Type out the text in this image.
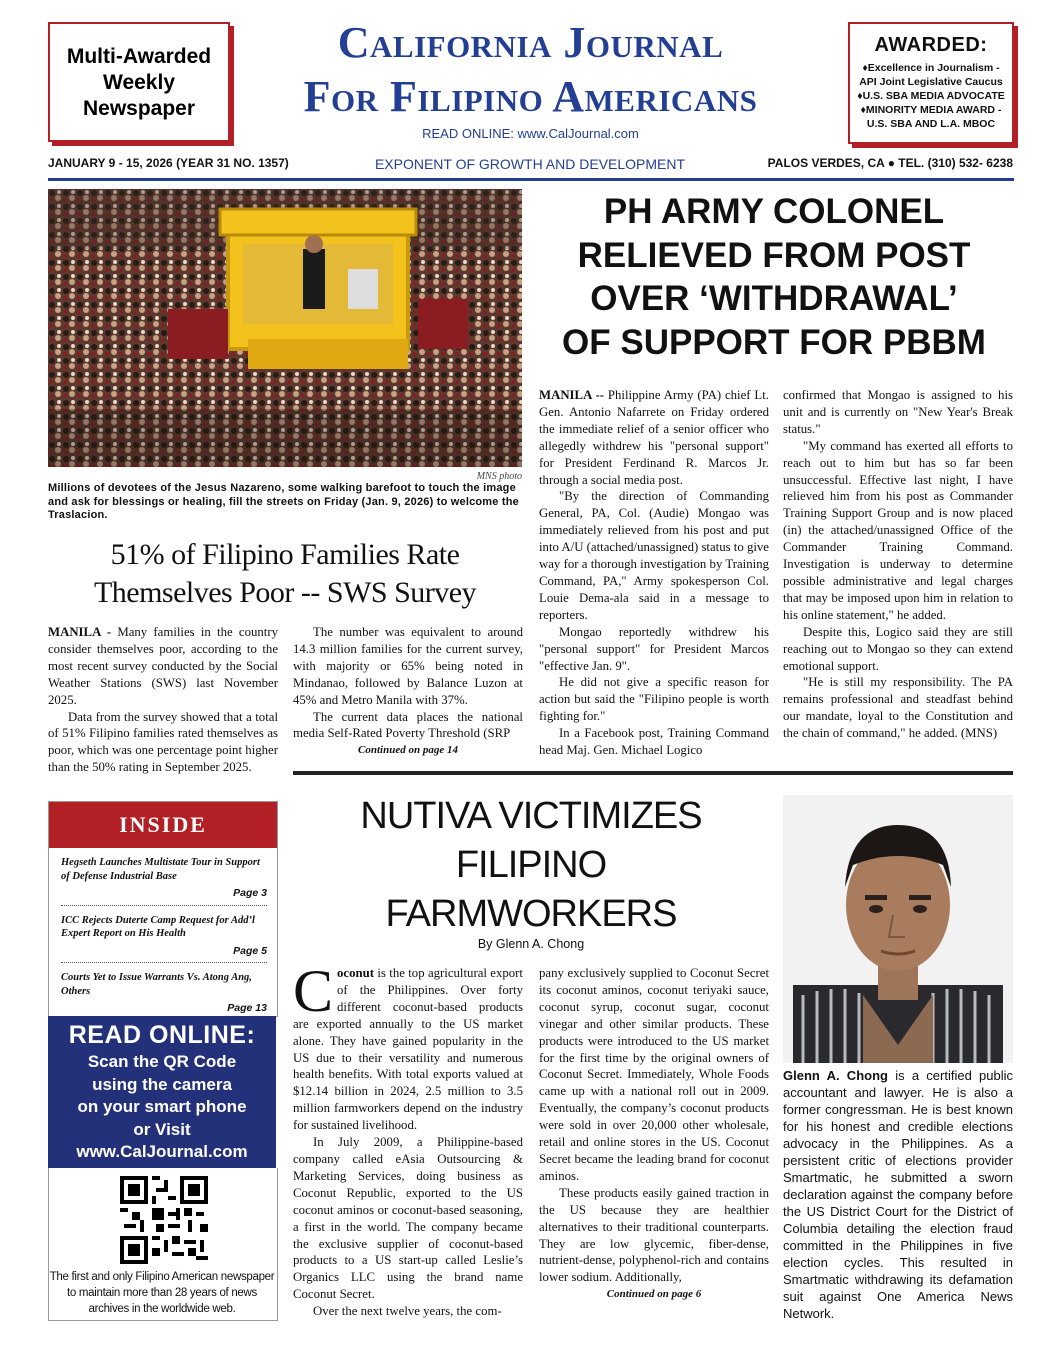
Multi-Awarded
Weekly
Newspaper
California Journal
For Filipino Americans
READ ONLINE: www.CalJournal.com
AWARDED:
♦Excellence in Journalism -
API Joint Legislative Caucus
♦U.S. SBA MEDIA ADVOCATE
♦MINORITY MEDIA AWARD -
U.S. SBA AND L.A. MBOC
JANUARY 9 - 15, 2026 (YEAR 31 NO. 1357)	EXPONENT OF GROWTH AND DEVELOPMENT	PALOS VERDES, CA ● TEL. (310) 532- 6238
MNS photo
Millions of devotees of the Jesus Nazareno, some walking barefoot to touch the image and ask for blessings or healing, fill the streets on Friday (Jan. 9, 2026) to welcome the Traslacion.
51% of Filipino Families Rate
Themselves Poor -- SWS Survey

MANILA - Many families in the country consider themselves poor, according to the most recent survey conducted by the Social Weather Stations (SWS) last November 2025.

Data from the survey showed that a total of 51% Filipino families rated themselves as poor, which was one percentage point higher than the 50% rating in September 2025.

The number was equivalent to around 14.3 million families for the current survey, with majority or 65% being noted in Mindanao, followed by Balance Luzon at 45% and Metro Manila with 37%.

The current data places the national media Self-Rated Poverty Threshold (SRP

Continued on page 14
PH ARMY COLONEL
RELIEVED FROM POST
OVER ‘WITHDRAWAL’
OF SUPPORT FOR PBBM

MANILA -- Philippine Army (PA) chief Lt. Gen. Antonio Nafarrete on Friday ordered the immediate relief of a senior officer who allegedly withdrew his "personal support" for President Ferdinand R. Marcos Jr. through a social media post.

"By the direction of Commanding General, PA, Col. (Audie) Mongao was immediately relieved from his post and put into A/U (attached/unassigned) status to give way for a thorough investigation by Training Command, PA," Army spokesperson Col. Louie Dema-ala said in a message to reporters.

Mongao reportedly withdrew his "personal support" for President Marcos "effective Jan. 9".

He did not give a specific reason for action but said the "Filipino people is worth fighting for."

In a Facebook post, Training Command head Maj. Gen. Michael Logico

confirmed that Mongao is assigned to his unit and is currently on "New Year's Break status."

"My command has exerted all efforts to reach out to him but has so far been unsuccessful. Effective last night, I have relieved him from his post as Commander Training Support Group and is now placed (in) the attached/unassigned Office of the Commander Training Command. Investigation is underway to determine possible administrative and legal charges that may be imposed upon him in relation to his online statement," he added.

Despite this, Logico said they are still reaching out to Mongao so they can extend emotional support.

"He is still my responsibility. The PA remains professional and steadfast behind our mandate, loyal to the Constitution and the chain of command," he added. (MNS)

INSIDE
Hegseth Launches Multistate Tour in Support of Defense Industrial Base
Page 3
ICC Rejects Duterte Camp Request for Add’l Expert Report on His Health
Page 5
Courts Yet to Issue Warrants Vs. Atong Ang, Others
Page 13
READ ONLINE:
Scan the QR Code
using the camera
on your smart phone
or Visit
www.CalJournal.com
The first and only Filipino American newspaper to maintain more than 28 years of news archives in the worldwide web.
NUTIVA VICTIMIZES
FILIPINO
FARMWORKERS
By Glenn A. Chong

Coconut is the top agricultural export of the Philippines. Over forty different coconut-based products are exported annually to the US market alone. They have gained popularity in the US due to their versatility and numerous health benefits. With total exports valued at $12.14 billion in 2024, 2.5 million to 3.5 million farmworkers depend on the industry for sustained livelihood.

In July 2009, a Philippine-based company called eAsia Outsourcing & Marketing Services, doing business as Coconut Republic, exported to the US coconut aminos or coconut-based seasoning, a first in the world. The company became the exclusive supplier of coconut-based products to a US start-up called Leslie’s Organics LLC using the brand name Coconut Secret.

Over the next twelve years, the com-

pany exclusively supplied to Coconut Secret its coconut aminos, coconut teriyaki sauce, coconut syrup, coconut sugar, coconut vinegar and other similar products. These products were introduced to the US market for the first time by the original owners of Coconut Secret. Immediately, Whole Foods came up with a national roll out in 2009. Eventually, the company’s coconut products were sold in over 20,000 other wholesale, retail and online stores in the US. Coconut Secret became the leading brand for coconut aminos.

These products easily gained traction in the US because they are healthier alternatives to their traditional counterparts. They are low glycemic, fiber-dense, nutrient-dense, polyphenol-rich and contains lower sodium. Additionally,

Continued on page 6
Glenn A. Chong is a certified public accountant and lawyer. He is also a former congressman. He is best known for his honest and credible elections advocacy in the Philippines. As a persistent critic of elections provider Smartmatic, he submitted a sworn declaration against the company before the US District Court for the District of Columbia detailing the election fraud committed in the Philippines in five election cycles. This resulted in Smartmatic withdrawing its defamation suit against One America News Network.
